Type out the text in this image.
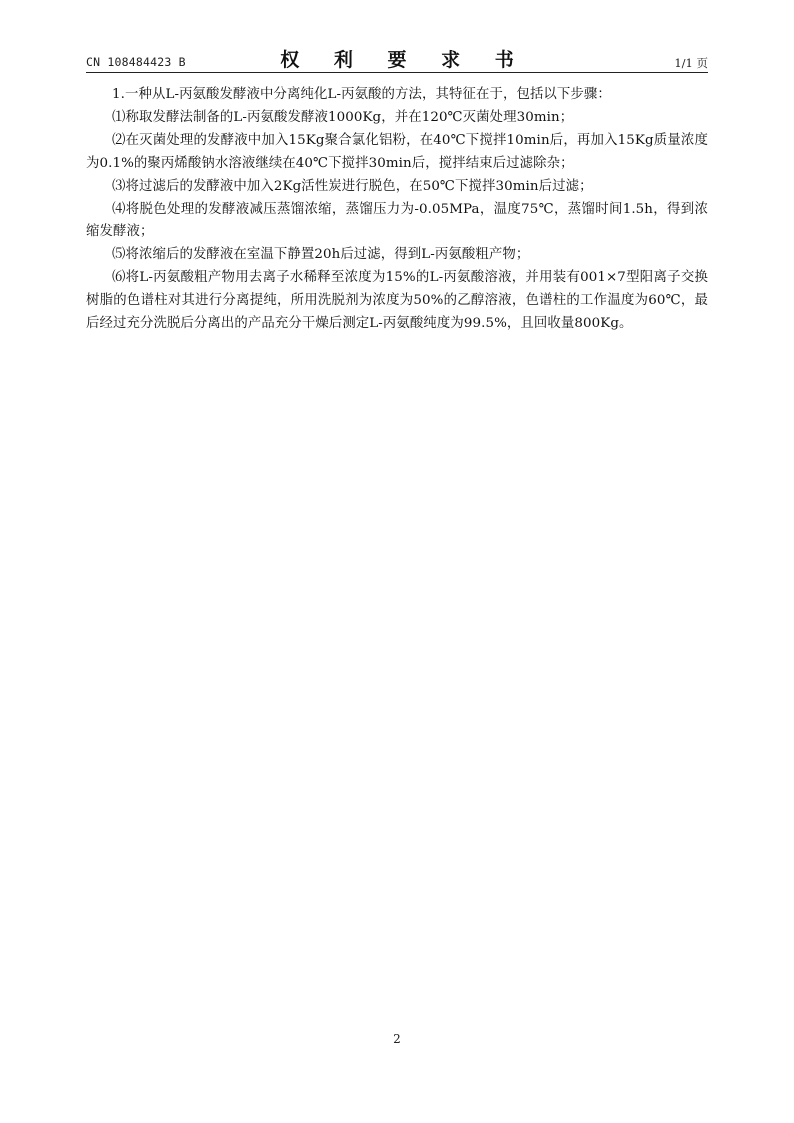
CN 108484423 B	权 利 要 求 书	1/1 页

1.一种从L-丙氨酸发酵液中分离纯化L-丙氨酸的方法，其特征在于，包括以下步骤：

⑴称取发酵法制备的L-丙氨酸发酵液1000Kg，并在120℃灭菌处理30min；

⑵在灭菌处理的发酵液中加入15Kg聚合氯化铝粉，在40℃下搅拌10min后，再加入15Kg质量浓度为0.1%的聚丙烯酸钠水溶液继续在40℃下搅拌30min后，搅拌结束后过滤除杂；

⑶将过滤后的发酵液中加入2Kg活性炭进行脱色，在50℃下搅拌30min后过滤；

⑷将脱色处理的发酵液减压蒸馏浓缩，蒸馏压力为-0.05MPa，温度75℃，蒸馏时间1.5h，得到浓缩发酵液；

⑸将浓缩后的发酵液在室温下静置20h后过滤，得到L-丙氨酸粗产物；

⑹将L-丙氨酸粗产物用去离子水稀释至浓度为15%的L-丙氨酸溶液，并用装有001×7型阳离子交换树脂的色谱柱对其进行分离提纯，所用洗脱剂为浓度为50%的乙醇溶液，色谱柱的工作温度为60℃，最后经过充分洗脱后分离出的产品充分干燥后测定L-丙氨酸纯度为99.5%，且回收量800Kg。

2
